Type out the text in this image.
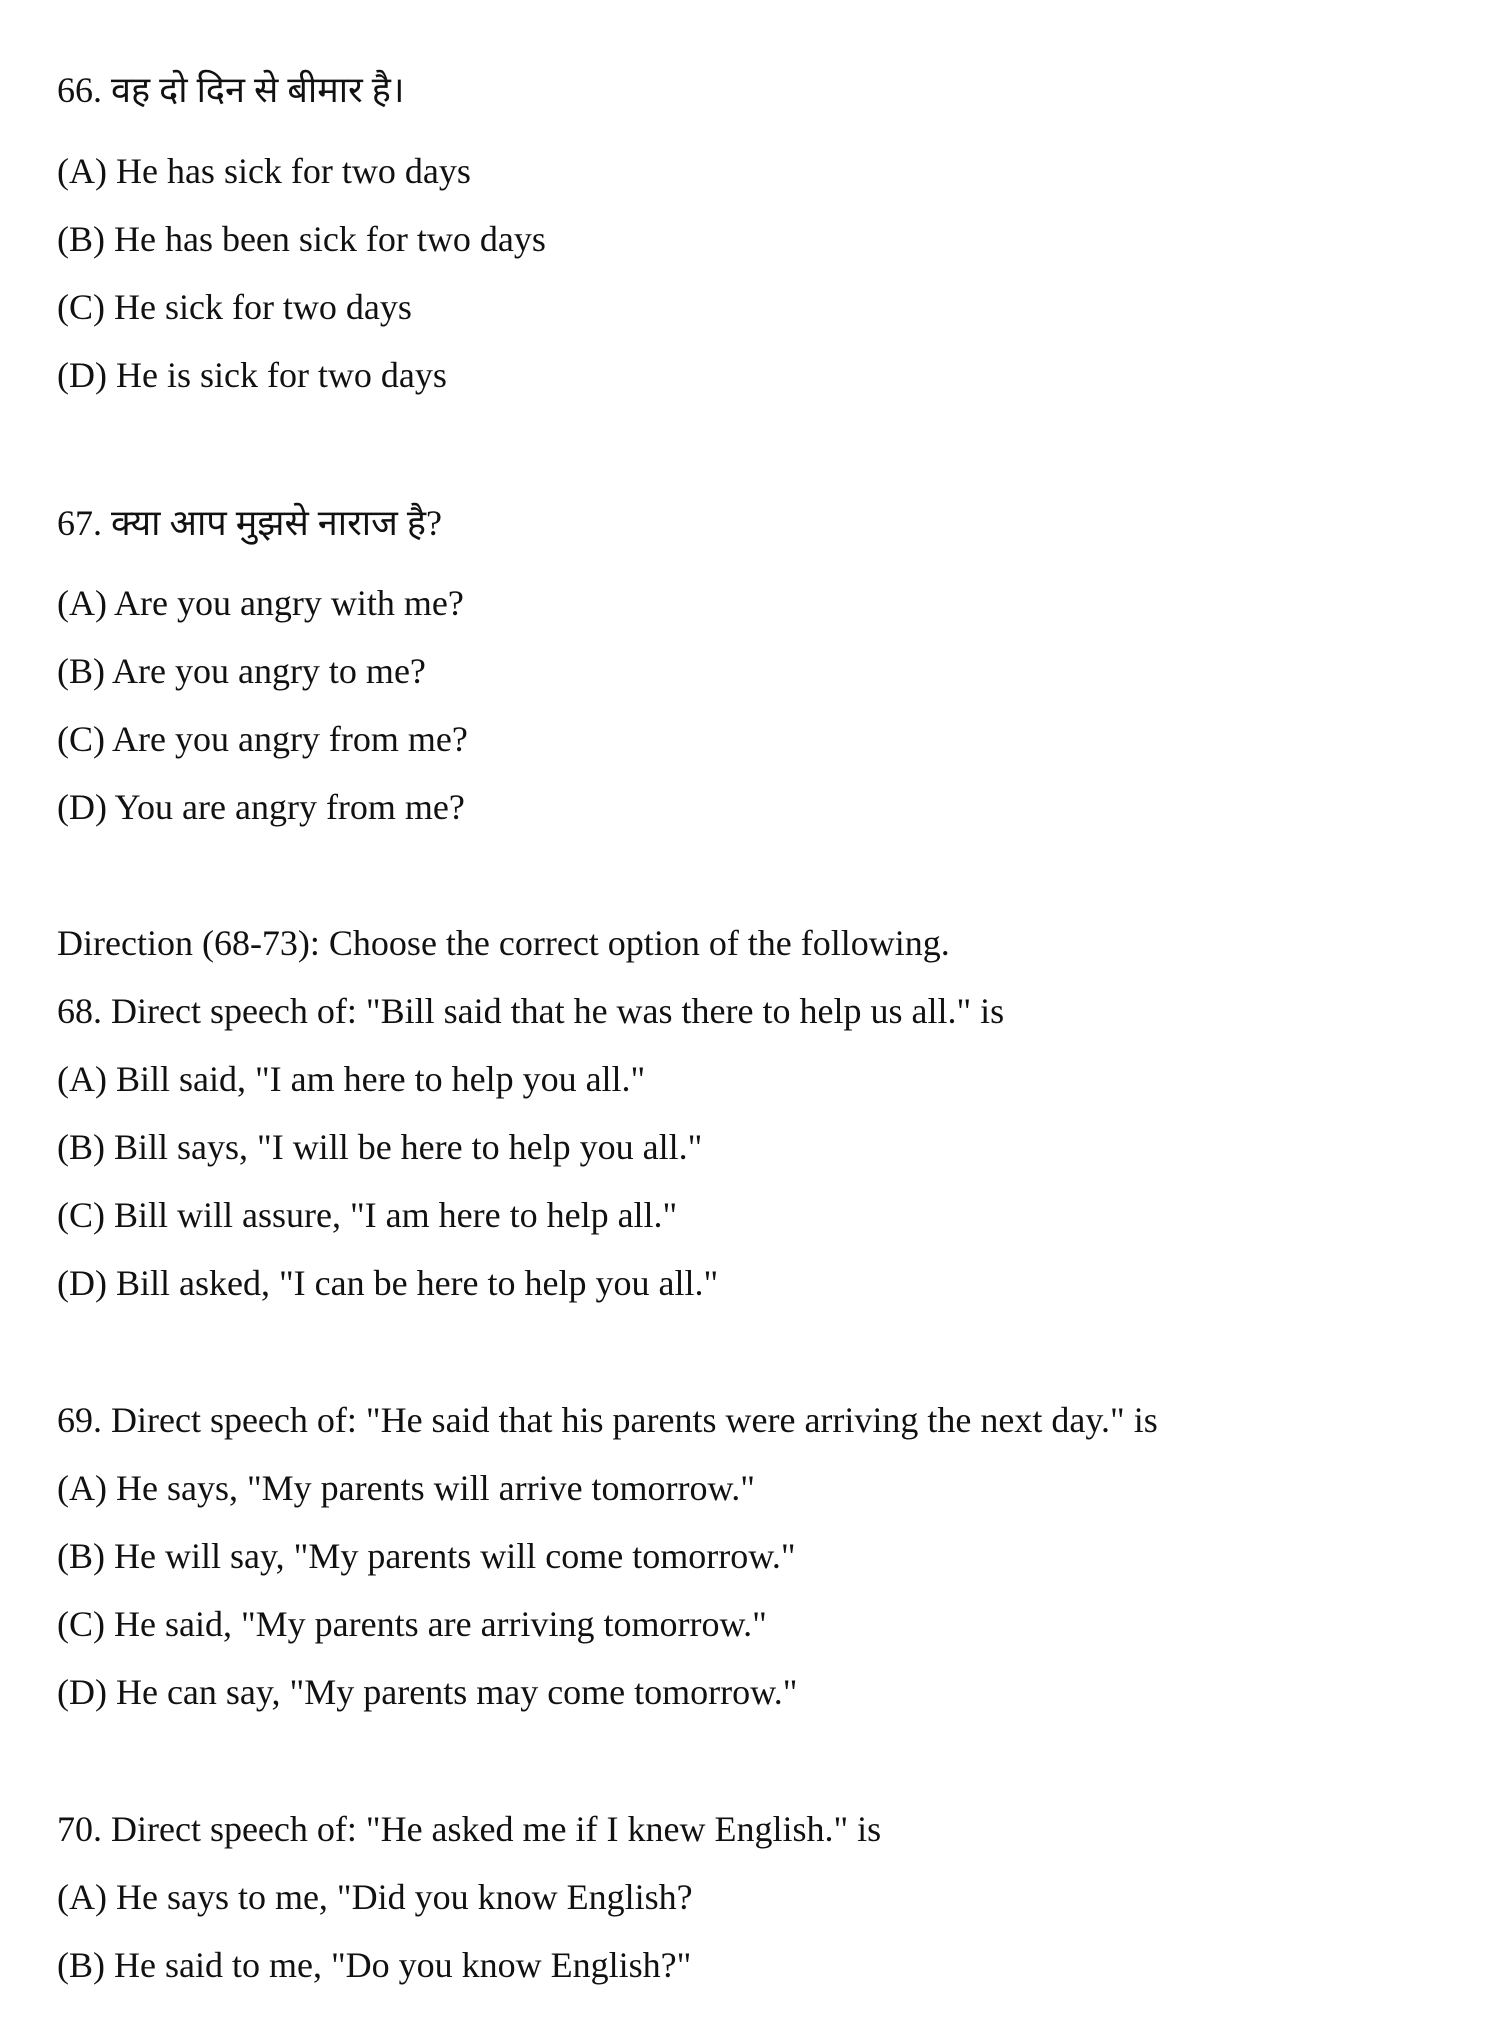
66. वह दो दिन से बीमार है।
(A) He has sick for two days
(B) He has been sick for two days
(C) He sick for two days
(D) He is sick for two days
67. क्या आप मुझसे नाराज है?
(A) Are you angry with me?
(B) Are you angry to me?
(C) Are you angry from me?
(D) You are angry from me?
Direction (68-73): Choose the correct option of the following.
68. Direct speech of: "Bill said that he was there to help us all." is
(A) Bill said, "I am here to help you all."
(B) Bill says, "I will be here to help you all."
(C) Bill will assure, "I am here to help all."
(D) Bill asked, "I can be here to help you all."
69. Direct speech of: "He said that his parents were arriving the next day." is
(A) He says, "My parents will arrive tomorrow."
(B) He will say, "My parents will come tomorrow."
(C) He said, "My parents are arriving tomorrow."
(D) He can say, "My parents may come tomorrow."
70. Direct speech of: "He asked me if I knew English." is
(A) He says to me, "Did you know English?
(B) He said to me, "Do you know English?"
